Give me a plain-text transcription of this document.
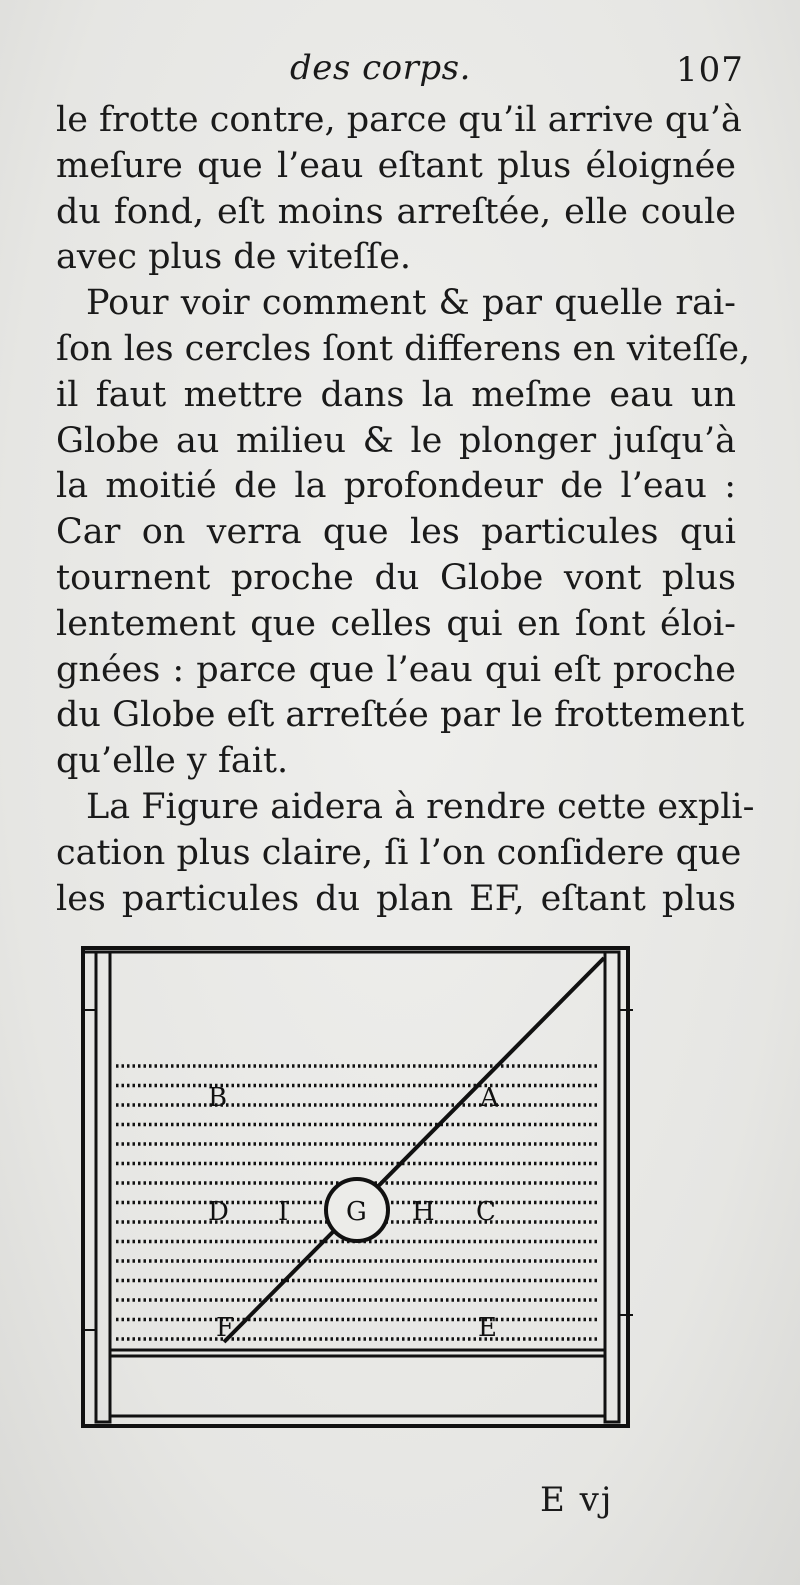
des corps.	107
le frotte contre, parce qu’il arrive qu’à
meſure que l’eau eſtant plus éloignée
du fond, eſt moins arreſtée, elle coule
avec plus de viteſſe.
Pour voir comment & par quelle rai-
ſon les cercles ſont differens en viteſſe,
il faut mettre dans la meſme eau un
Globe au milieu & le plonger juſqu’à
la moitié de la profondeur de l’eau :
Car on verra que les particules qui
tournent proche du Globe vont plus
lentement que celles qui en ſont éloi-
gnées : parce que l’eau qui eſt proche
du Globe eſt arreſtée par le frottement
qu’elle y fait.
La Figure aidera à rendre cette expli-
cation plus claire, ſi l’on conſidere que
les particules du plan EF, eſtant plus
B	A
D I G H C
F	E
E vj
